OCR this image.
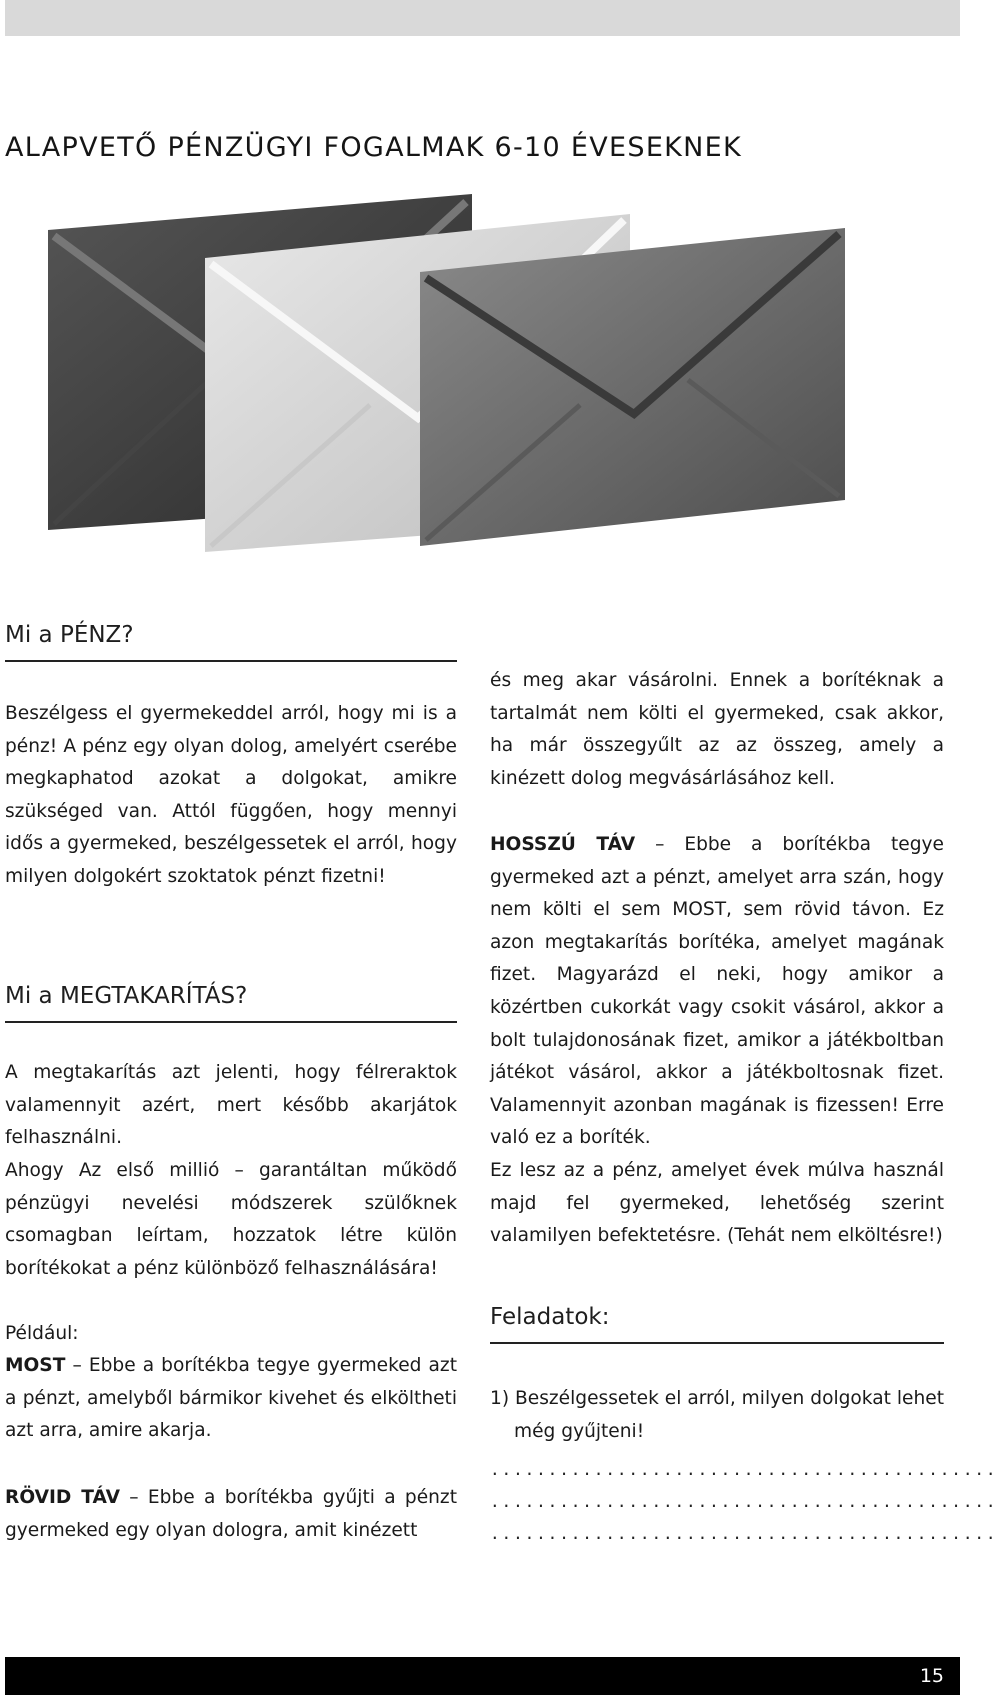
ALAPVETŐ PÉNZÜGYI FOGALMAK 6-10 ÉVESEKNEK
Mi a PÉNZ?

Beszélgess el gyermekeddel arról, hogy mi is a pénz! A pénz egy olyan dolog, amelyért cserébe megkaphatod azokat a dolgokat, amikre szükséged van. Attól függően, hogy mennyi idős a gyermeked, beszélgessetek el arról, hogy milyen dolgokért szoktatok pénzt fizetni!

Mi a MEGTAKARÍTÁS?

A megtakarítás azt jelenti, hogy félreraktok valamennyit azért, mert később akarjátok felhasználni.

Ahogy Az első millió – garantáltan működő pénzügyi nevelési módszerek szülőknek csomagban leírtam, hozzatok létre külön borítékokat a pénz különböző felhasználására!

Például:

MOST – Ebbe a borítékba tegye gyermeked azt a pénzt, amelyből bármikor kivehet és elköltheti azt arra, amire akarja.

RÖVID TÁV – Ebbe a borítékba gyűjti a pénzt gyermeked egy olyan dologra, amit kinézett

és meg akar vásárolni. Ennek a borítéknak a tartalmát nem költi el gyermeked, csak akkor, ha már összegyűlt az az összeg, amely a kinézett dolog megvásárlásához kell.

HOSSZÚ TÁV – Ebbe a borítékba tegye gyermeked azt a pénzt, amelyet arra szán, hogy nem költi el sem MOST, sem rövid távon. Ez azon megtakarítás borítéka, amelyet magának fizet. Magyarázd el neki, hogy amikor a közértben cukorkát vagy csokit vásárol, akkor a bolt tulajdonosának fizet, amikor a játékboltban játékot vásárol, akkor a játékboltosnak fizet. Valamennyit azonban magának is fizessen! Erre való ez a boríték.

Ez lesz az a pénz, amelyet évek múlva használ majd fel gyermeked, lehetőség szerint valamilyen befektetésre. (Tehát nem elköltésre!)

Feladatok:

1) Beszélgessetek el arról, milyen dolgokat lehet még gyűjteni!

............................................
............................................
............................................
15
